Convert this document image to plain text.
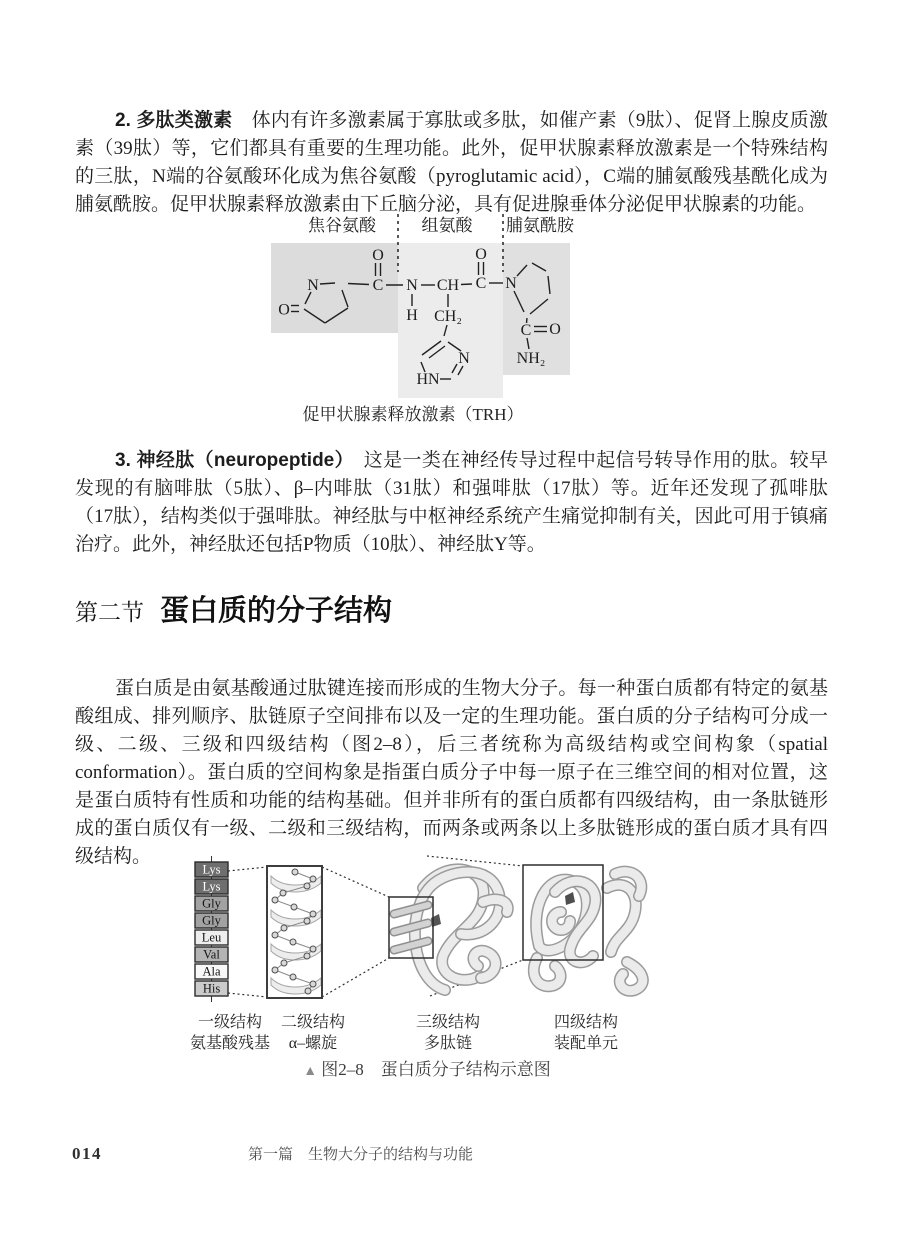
2. 多肽类激素　体内有许多激素属于寡肽或多肽，如催产素（9肽）、促肾上腺皮质激素（39肽）等，它们都具有重要的生理功能。此外，促甲状腺素释放激素是一个特殊结构的三肽，N端的谷氨酸环化成为焦谷氨酸（pyroglutamic acid），C端的脯氨酸残基酰化成为脯氨酰胺。促甲状腺素释放激素由下丘脑分泌，具有促进腺垂体分泌促甲状腺素的功能。

焦谷氨酸	组氨酸 脯氨酰胺
O
N	C
O
N
H
CH
CH₂
C
O
N
C O
NH₂
HN
N
促甲状腺素释放激素（TRH）

3. 神经肽（neuropeptide）　这是一类在神经传导过程中起信号转导作用的肽。较早发现的有脑啡肽（5肽）、β–内啡肽（31肽）和强啡肽（17肽）等。近年还发现了孤啡肽（17肽），结构类似于强啡肽。神经肽与中枢神经系统产生痛觉抑制有关，因此可用于镇痛治疗。此外，神经肽还包括P物质（10肽）、神经肽Y等。

第二节 蛋白质的分子结构

蛋白质是由氨基酸通过肽键连接而形成的生物大分子。每一种蛋白质都有特定的氨基酸组成、排列顺序、肽链原子空间排布以及一定的生理功能。蛋白质的分子结构可分成一级、二级、三级和四级结构（图2–8），后三者统称为高级结构或空间构象（spatial conformation）。蛋白质的空间构象是指蛋白质分子中每一原子在三维空间的相对位置，这是蛋白质特有性质和功能的结构基础。但并非所有的蛋白质都有四级结构，由一条肽链形成的蛋白质仅有一级、二级和三级结构，而两条或两条以上多肽链形成的蛋白质才具有四级结构。

Lys
Lys
Gly
Gly
Leu
Val
Ala
His
一级结构
氨基酸残基
二级结构
α–螺旋
三级结构
多肽链
四级结构
装配单元
▲ 图2–8　蛋白质分子结构示意图
014	第一篇　生物大分子的结构与功能
